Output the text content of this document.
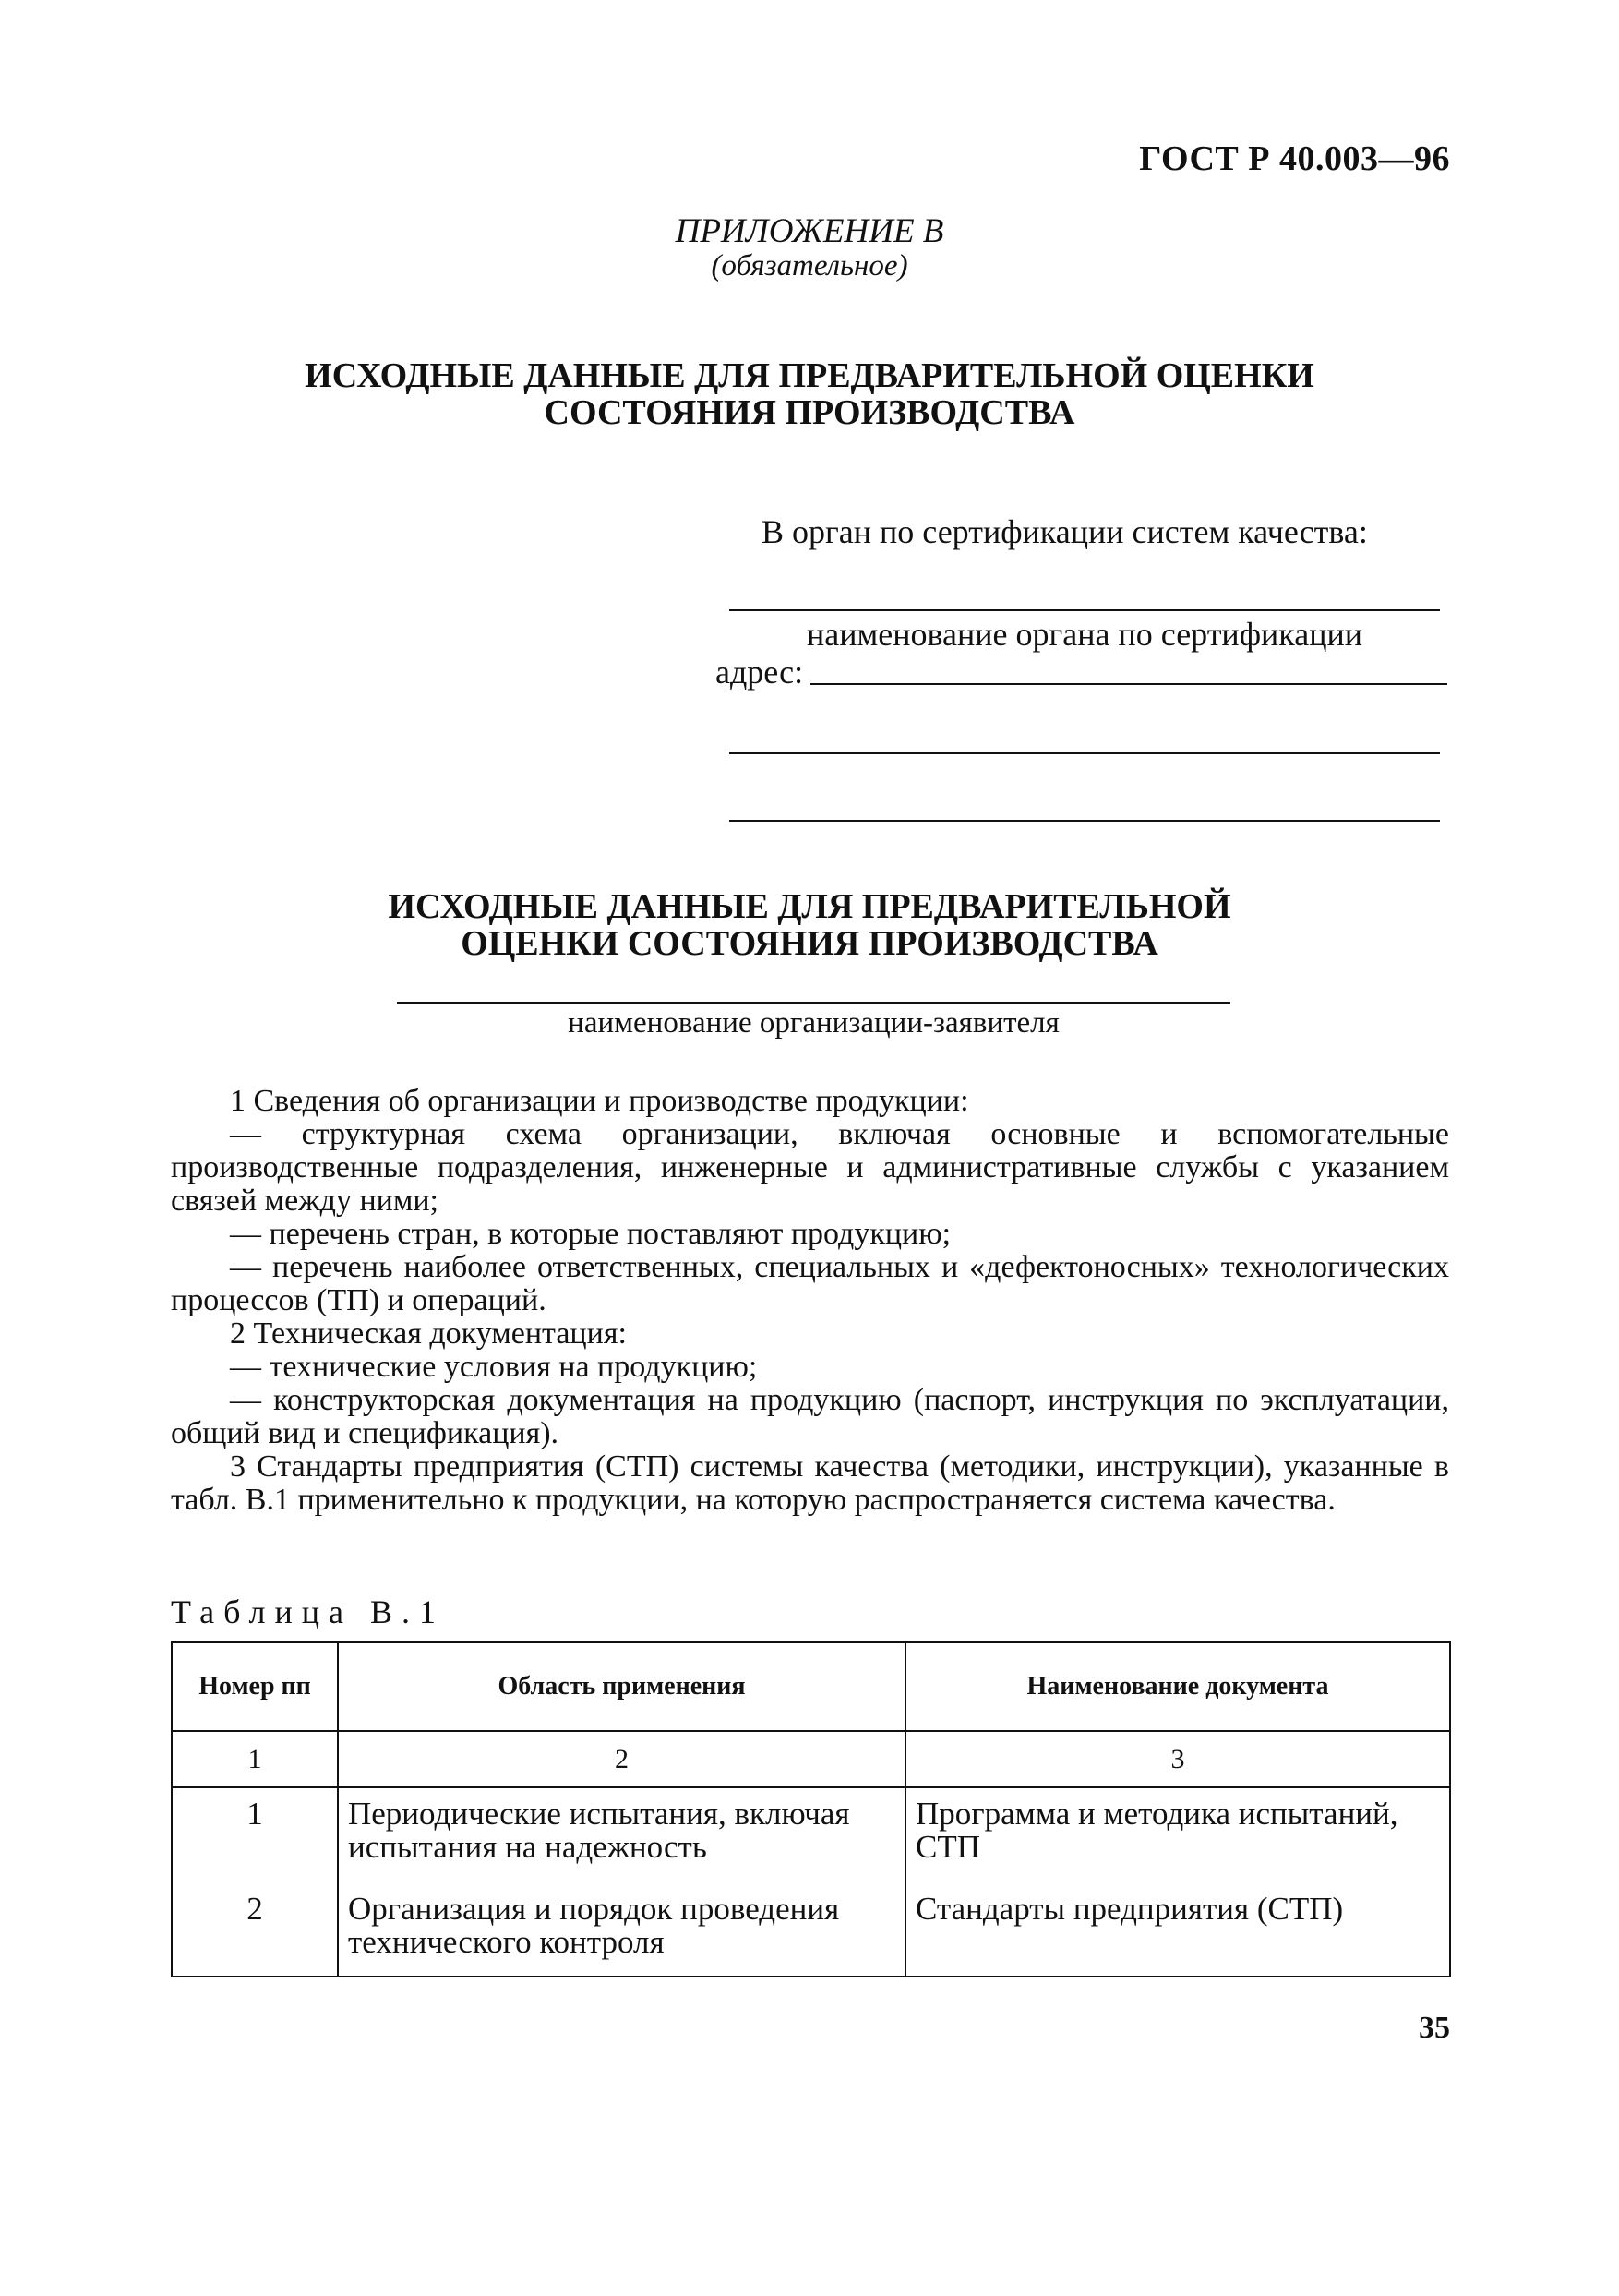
ГОСТ Р 40.003—96
ПРИЛОЖЕНИЕ В
(обязательное)
ИСХОДНЫЕ ДАННЫЕ ДЛЯ ПРЕДВАРИТЕЛЬНОЙ ОЦЕНКИ
СОСТОЯНИЯ ПРОИЗВОДСТВА
В орган по сертификации систем качества:
наименование органа по сертификации
адрес:
ИСХОДНЫЕ ДАННЫЕ ДЛЯ ПРЕДВАРИТЕЛЬНОЙ
ОЦЕНКИ СОСТОЯНИЯ ПРОИЗВОДСТВА
наименование организации-заявителя

1 Сведения об организации и производстве продукции:

— структурная схема организации, включая основные и вспомогательные производственные подразделения, инженерные и административные службы с указанием связей между ними;

— перечень стран, в которые поставляют продукцию;

— перечень наиболее ответственных, специальных и «дефектоносных» технологических процессов (ТП) и операций.

2 Техническая документация:

— технические условия на продукцию;

— конструкторская документация на продукцию (паспорт, инструкция по эксплуатации, общий вид и спецификация).

3 Стандарты предприятия (СТП) системы качества (методики, инструкции), указанные в табл. В.1 применительно к продукции, на которую распространяется система качества.

Таблица В.1
Номер пп	Область применения	Наименование документа
1	2	3
1	Периодические испытания, включая испытания на надежность	Программа и методика испытаний, СТП
2	Организация и порядок проведения технического контроля	Стандарты предприятия (СТП)
35
